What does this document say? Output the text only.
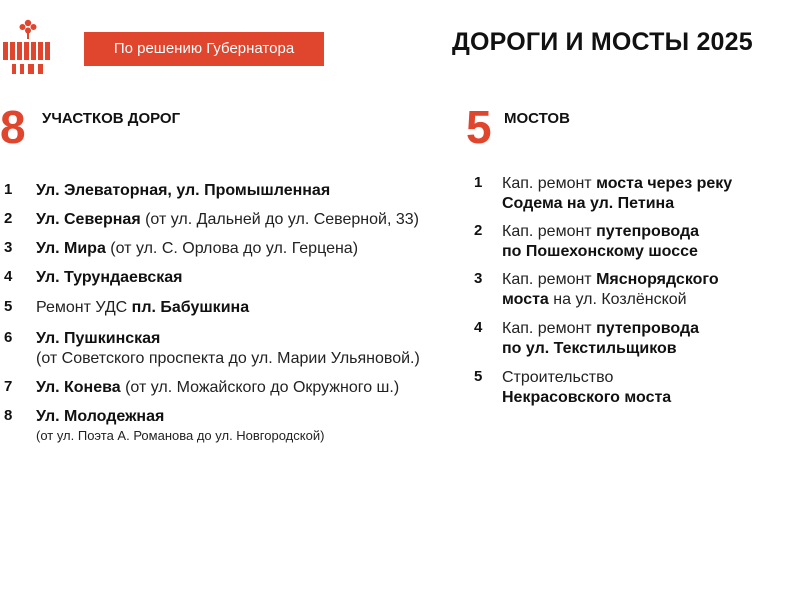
По решению Губернатора	ДОРОГИ И МОСТЫ 2025
8 УЧАСТКОВ ДОРОГ	5 МОСТОВ
1 Ул. Элеваторная, ул. Промышленная
2 Ул. Северная (от ул. Дальней до ул. Северной, 33)
3 Ул. Мира (от ул. С. Орлова до ул. Герцена)
4 Ул. Турундаевская
5 Ремонт УДС пл. Бабушкина
6 Ул. Пушкинская
(от Советского проспекта до ул. Марии Ульяновой.)
7 Ул. Конева (от ул. Можайского до Окружного ш.)
8 Ул. Молодежная
(от ул. Поэта А. Романова до ул. Новгородской)
1 Кап. ремонт моста через реку
Содема на ул. Петина
2 Кап. ремонт путепровода
по Пошехонскому шоссе
3 Кап. ремонт Мяснорядского
моста на ул. Козлёнской
4 Кап. ремонт путепровода
по ул. Текстильщиков
5 Строительство
Некрасовского моста
